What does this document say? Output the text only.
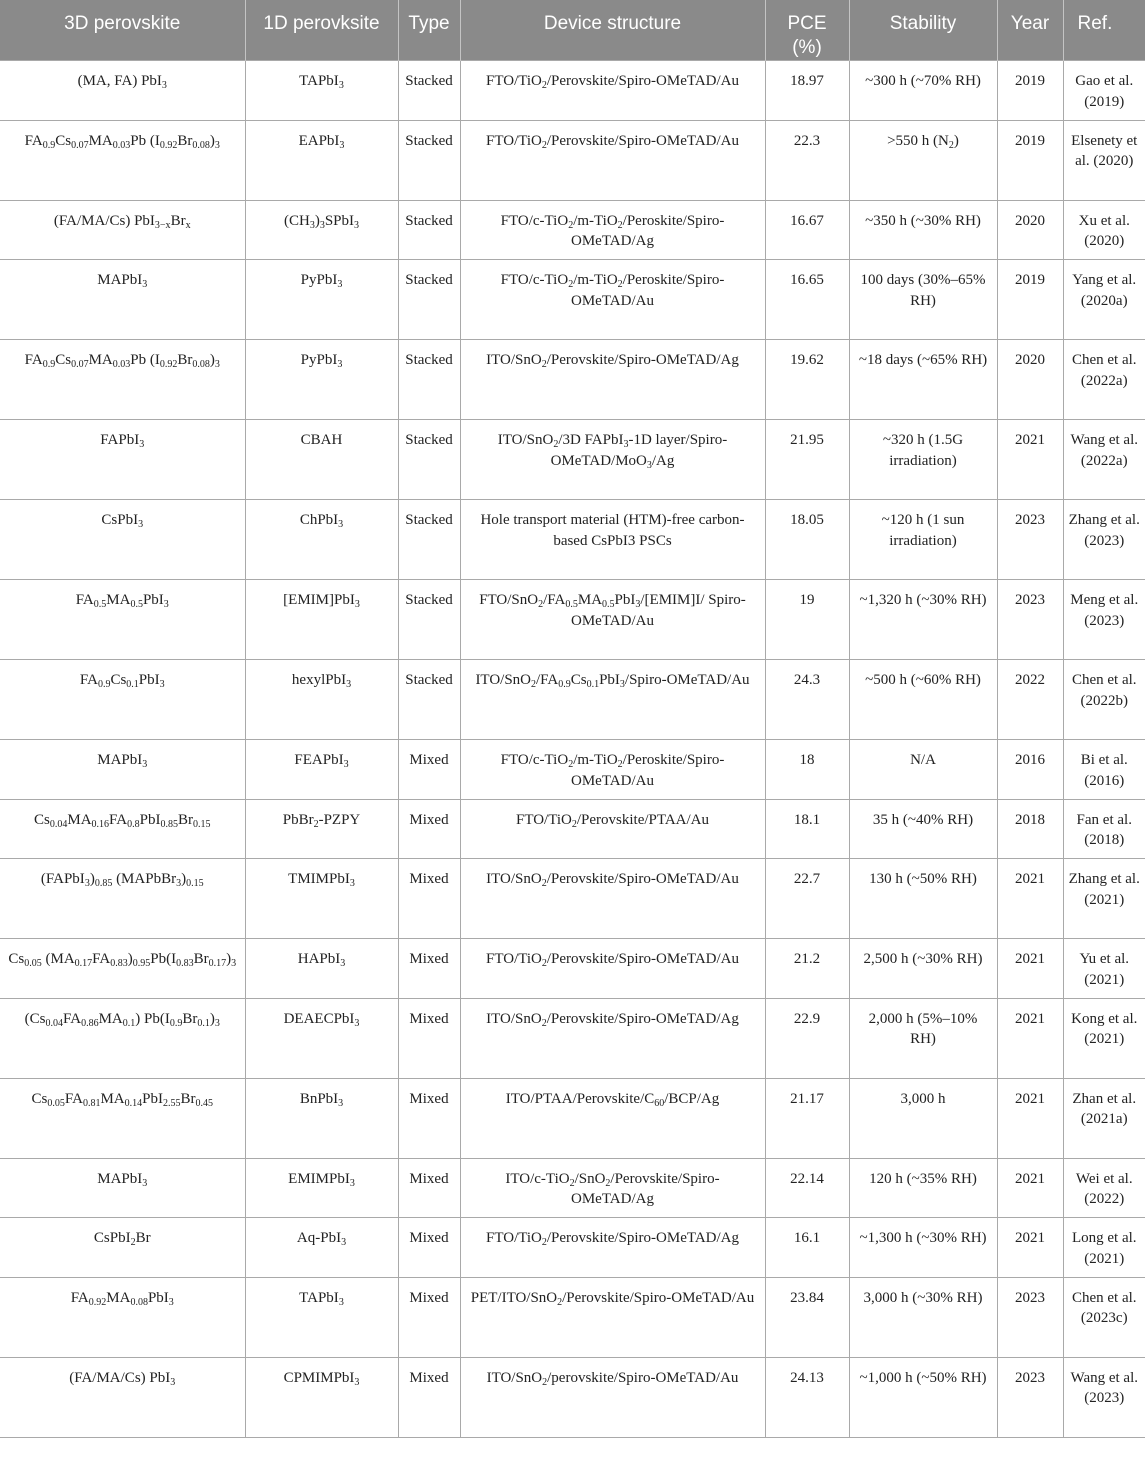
3D perovskite	1D perovksite	Type	Device structure	PCE (%)	Stability	Year	Ref.
(MA, FA) PbI$_3$	TAPbI$_3$	Stacked	FTO/TiO$_2$/Perovskite/Spiro-OMeTAD/Au	18.97	~300 h (~70% RH)	2019	Gao et al. (2019)
$FA_{0.9}Cs_{0.07}MA_{0.03}Pb$ $(I_{0.92}Br_{0.08})_3$	EAPbI$_3$	Stacked	FTO/TiO$_2$/Perovskite/Spiro-OMeTAD/Au	22.3	>550 h $(N_2)$	2019	Elsenety et al. (2020)
(FA/MA/Cs) $PbI_{3-x}Br_x$	$(CH_3)_3SPbI_3$	Stacked	FTO/c-TiO$_2$/m-TiO$_2$/Peroskite/Spiro-OMeTAD/Ag	16.67	~350 h (~30% RH)	2020	Xu et al. (2020)
MAPbI$_3$	PyPbI$_3$	Stacked	FTO/c-TiO$_2$/m-TiO$_2$/Peroskite/Spiro-OMeTAD/Au	16.65	100 days (30%–65% RH)	2019	Yang et al. (2020a)
$FA_{0.9}Cs_{0.07}MA_{0.03}Pb$ $(I_{0.92}Br_{0.08})_3$	PyPbI$_3$	Stacked	ITO/SnO$_2$/Perovskite/Spiro-OMeTAD/Ag	19.62	~18 days (~65% RH)	2020	Chen et al. (2022a)
FAPbI$_3$	CBAH	Stacked	ITO/SnO$_2$/3D FAPbI$_3$-1D layer/Spiro-OMeTAD/MoO$_3$/Ag	21.95	~320 h (1.5G irradiation)	2021	Wang et al. (2022a)
CsPbI$_3$	ChPbI$_3$	Stacked	Hole transport material (HTM)-free carbon-based CsPbI3 PSCs	18.05	~120 h (1 sun irradiation)	2023	Zhang et al. (2023)
$FA_{0.5}MA_{0.5}PbI_3$	[EMIM]PbI$_3$	Stacked	FTO/$SnO_2/FA_{0.5}MA_{0.5}PbI_3/[EMIM]I/$ Spiro-OMeTAD/Au	19	~1,320 h (~30% RH)	2023	Meng et al. (2023)
$FA_{0.9}Cs_{0.1}PbI_3$	hexylPbI$_3$	Stacked	ITO/$SnO_2/FA_{0.9}Cs_{0.1}PbI_3/Spiro-OMeTAD/Au$	24.3	~500 h (~60% RH)	2022	Chen et al. (2022b)
MAPbI$_3$	FEAPbI$_3$	Mixed	FTO/c-TiO$_2$/m-TiO$_2$/Peroskite/Spiro-OMeTAD/Au	18	N/A	2016	Bi et al. (2016)
$Cs_{0.04}MA_{0.16}FA_{0.8}PbI_{0.85}Br_{0.15}$	PbBr$_2$-PZPY	Mixed	FTO/TiO$_2$/Perovskite/PTAA/Au	18.1	35 h (~40% RH)	2018	Fan et al. (2018)
$(FAPbI_3)_{0.85}$ $(MAPbBr_3)_{0.15}$	TMIMPbI$_3$	Mixed	ITO/SnO$_2$/Perovskite/Spiro-OMeTAD/Au	22.7	130 h (~50% RH)	2021	Zhang et al. (2021)
$Cs_{0.05}$ $(MA_{0.17}FA_{0.83})_{0.95}Pb(I_{0.83}Br_{0.17})_3$	HAPbI$_3$	Mixed	FTO/TiO$_2$/Perovskite/Spiro-OMeTAD/Au	21.2	2,500 h (~30% RH)	2021	Yu et al. (2021)
$(Cs_{0.04}FA_{0.86}MA_{0.1})$ $Pb(I_{0.9}Br_{0.1})_3$	DEAECPbI$_3$	Mixed	ITO/SnO$_2$/Perovskite/Spiro-OMeTAD/Ag	22.9	2,000 h (5%–10% RH)	2021	Kong et al. (2021)
$Cs_{0.05}FA_{0.81}MA_{0.14}PbI_{2.55}Br_{0.45}$	BnPbI$_3$	Mixed	ITO/$PTAA/Perovskite/C_{60}/BCP/Ag$	21.17	3,000 h	2021	Zhan et al. (2021a)
MAPbI$_3$	EMIMPbI$_3$	Mixed	ITO/c-TiO$_2$/SnO$_2$/Perovskite/Spiro-OMeTAD/Ag	22.14	120 h (~35% RH)	2021	Wei et al. (2022)
CsPbI$_2$Br	Aq-PbI$_3$	Mixed	FTO/TiO$_2$/Perovskite/Spiro-OMeTAD/Ag	16.1	~1,300 h (~30% RH)	2021	Long et al. (2021)
$FA_{0.92}MA_{0.08}PbI_3$	TAPbI$_3$	Mixed	PET/ITO/SnO$_2$/Perovskite/Spiro-OMeTAD/Au	23.84	3,000 h (~30% RH)	2023	Chen et al. (2023c)
(FA/MA/Cs) PbI$_3$	CPMIMPbI$_3$	Mixed	ITO/SnO$_2$/perovskite/Spiro-OMeTAD/Au	24.13	~1,000 h (~50% RH)	2023	Wang et al. (2023)
